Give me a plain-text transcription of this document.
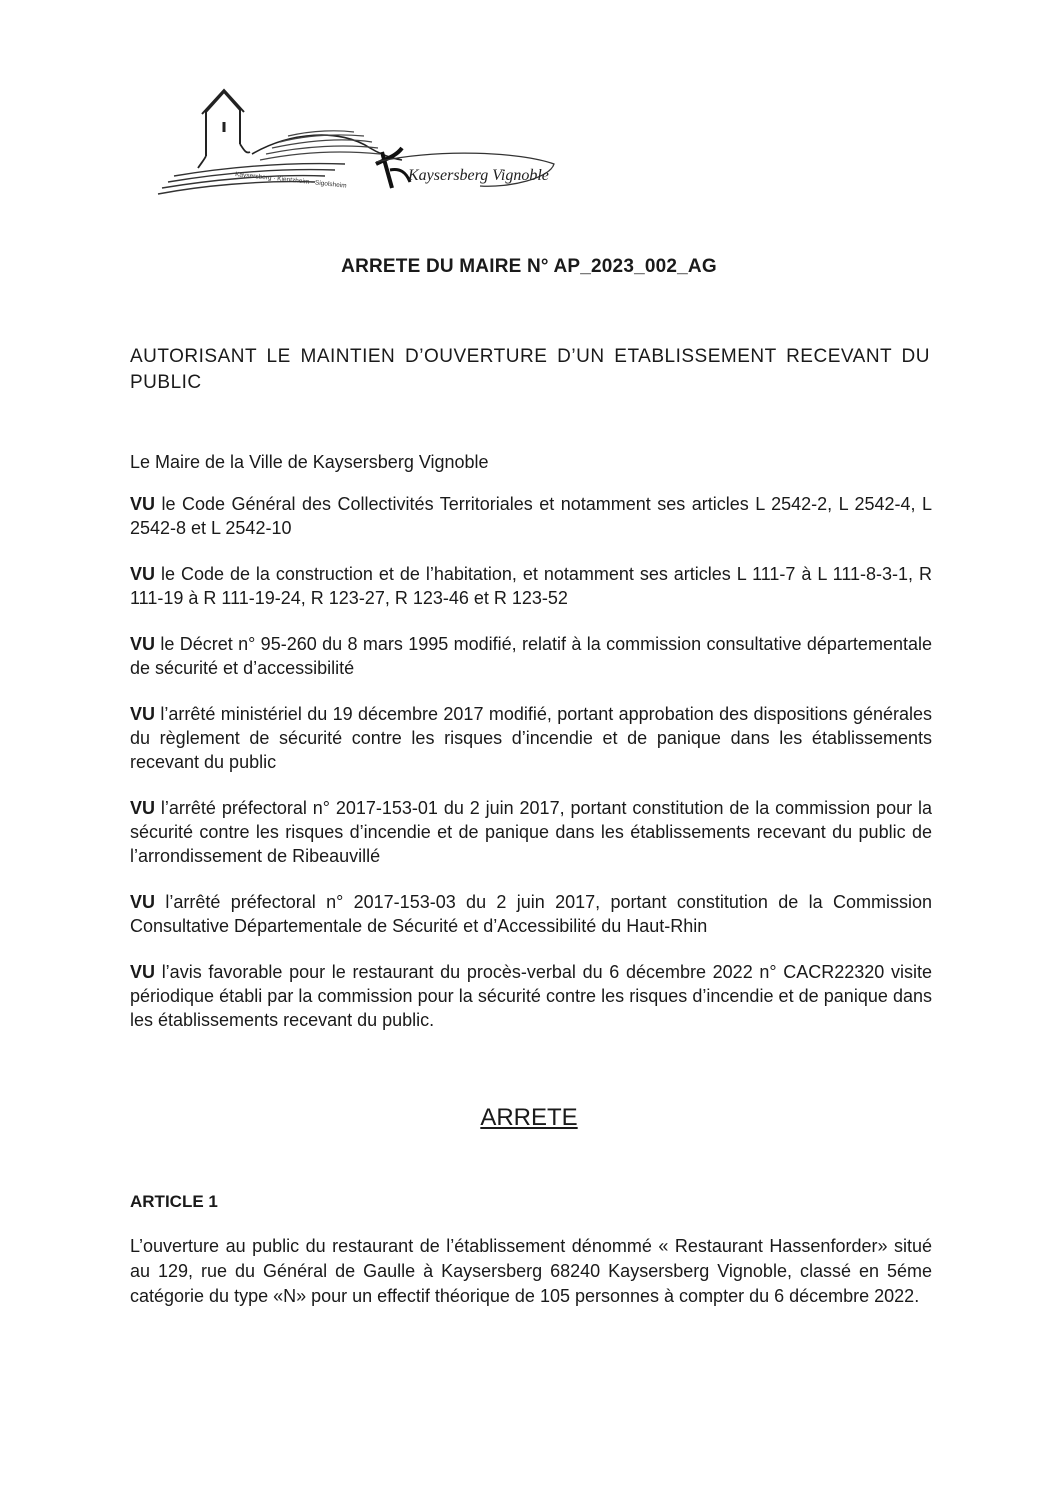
Kaysersberg · Kientzheim · Sigolsheim	Kaysersberg Vignoble
ARRETE DU MAIRE N° AP_2023_002_AG
AUTORISANT LE MAINTIEN D’OUVERTURE D’UN ETABLISSEMENT RECEVANT DU PUBLIC
Le Maire de la Ville de Kaysersberg Vignoble

VU le Code Général des Collectivités Territoriales et notamment ses articles L 2542-2, L 2542-4, L 2542-8 et L 2542-10

VU le Code de la construction et de l’habitation, et notamment ses articles L 111-7 à L 111-8-3-1, R 111-19 à R 111-19-24, R 123-27, R 123-46 et R 123-52

VU le Décret n° 95-260 du 8 mars 1995 modifié, relatif à la commission consultative départementale de sécurité et d’accessibilité

VU l’arrêté ministériel du 19 décembre 2017 modifié, portant approbation des dispositions générales du règlement de sécurité contre les risques d’incendie et de panique dans les établissements recevant du public

VU l’arrêté préfectoral n° 2017-153-01 du 2 juin 2017, portant constitution de la commission pour la sécurité contre les risques d’incendie et de panique dans les établissements recevant du public de l’arrondissement de Ribeauvillé

VU l’arrêté préfectoral n° 2017-153-03 du 2 juin 2017, portant constitution de la Commission Consultative Départementale de Sécurité et d’Accessibilité du Haut-Rhin

VU l’avis favorable pour le restaurant du procès-verbal du 6 décembre 2022 n° CACR22320 visite périodique établi par la commission pour la sécurité contre les risques d’incendie et de panique dans les établissements recevant du public.

ARRETE
ARTICLE 1
L’ouverture au public du restaurant de l’établissement dénommé « Restaurant Hassenforder» situé au 129, rue du Général de Gaulle à Kaysersberg 68240 Kaysersberg Vignoble, classé en 5éme catégorie du type «N» pour un effectif théorique de 105 personnes à compter du 6 décembre 2022.
